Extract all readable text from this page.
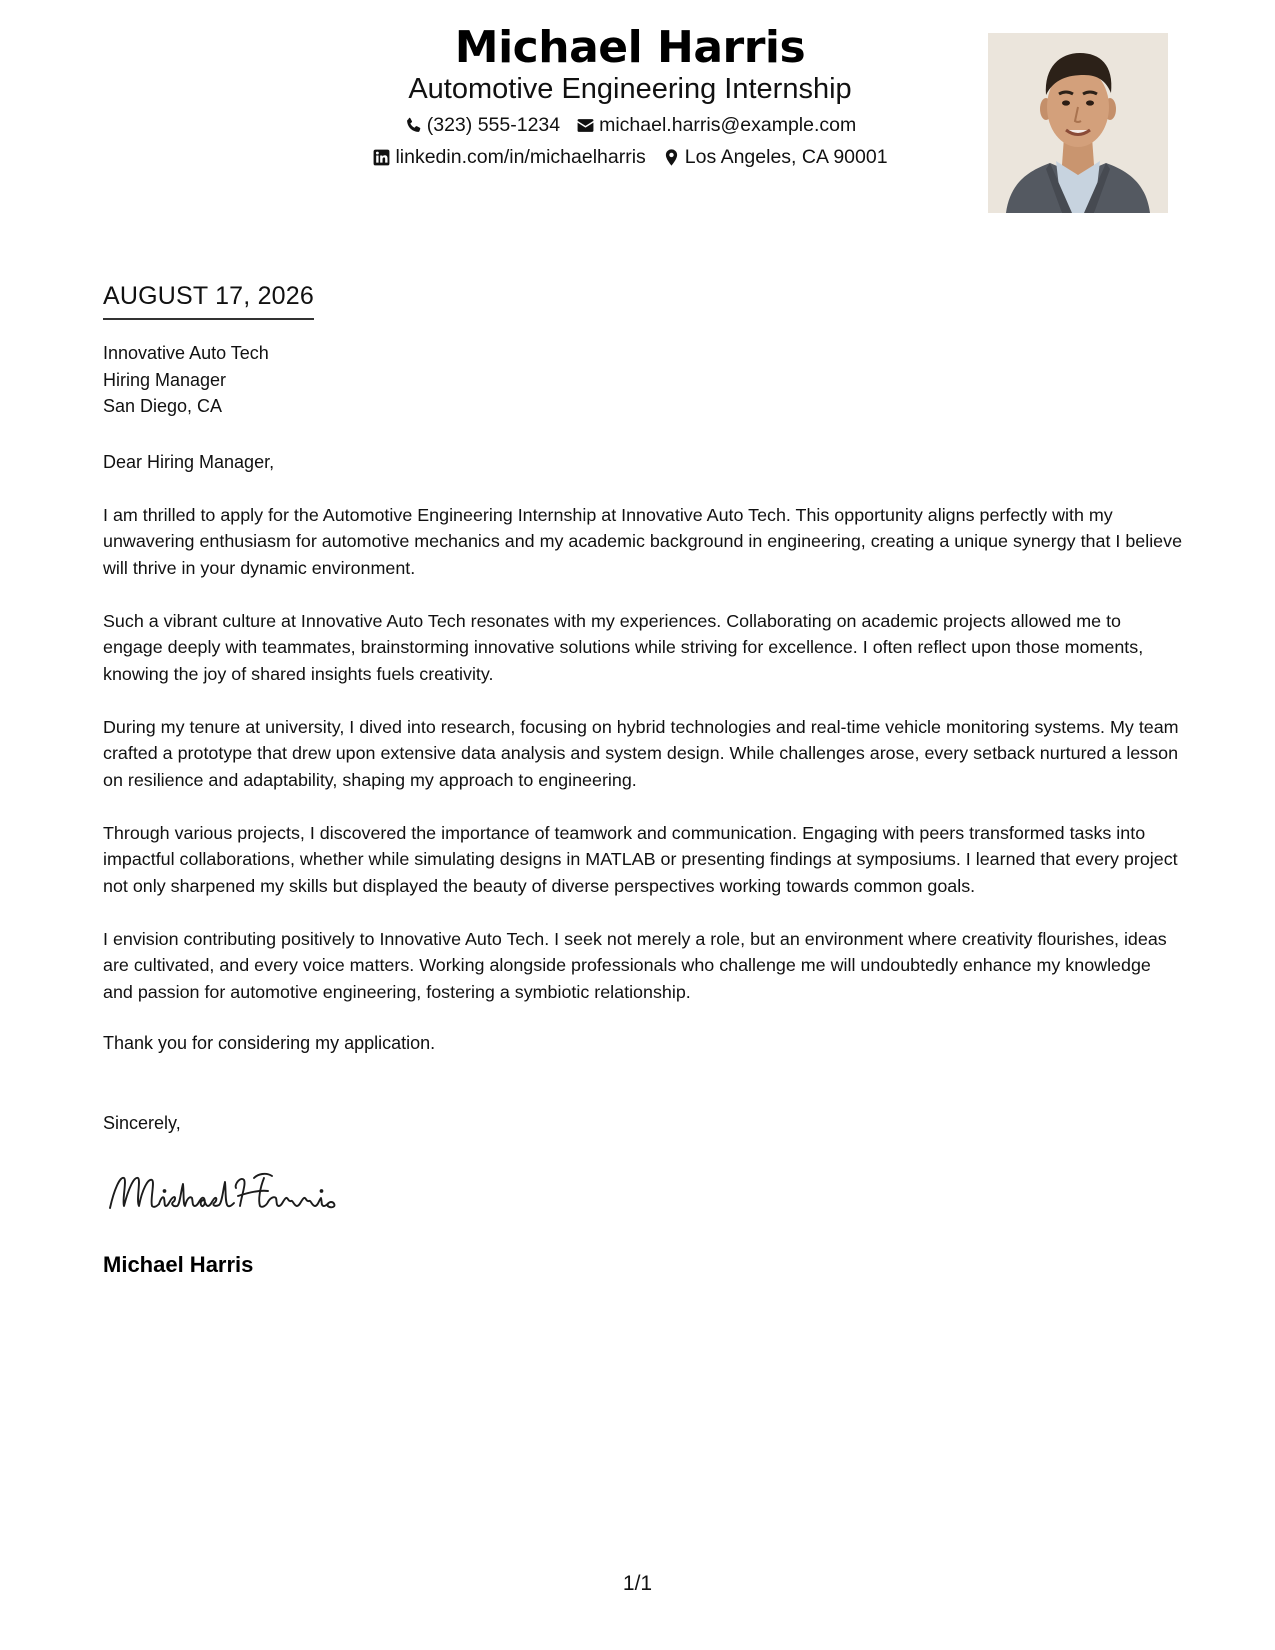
Michael Harris
Automotive Engineering Internship
(323) 555-1234 michael.harris@example.com
linkedin.com/in/michaelharris Los Angeles, CA 90001
AUGUST 17, 2026
Innovative Auto Tech
Hiring Manager
San Diego, CA
Dear Hiring Manager,

I am thrilled to apply for the Automotive Engineering Internship at Innovative Auto Tech. This opportunity aligns perfectly with my unwavering enthusiasm for automotive mechanics and my academic background in engineering, creating a unique synergy that I believe will thrive in your dynamic environment.

Such a vibrant culture at Innovative Auto Tech resonates with my experiences. Collaborating on academic projects allowed me to engage deeply with teammates, brainstorming innovative solutions while striving for excellence. I often reflect upon those moments, knowing the joy of shared insights fuels creativity.

During my tenure at university, I dived into research, focusing on hybrid technologies and real-time vehicle monitoring systems. My team crafted a prototype that drew upon extensive data analysis and system design. While challenges arose, every setback nurtured a lesson on resilience and adaptability, shaping my approach to engineering.

Through various projects, I discovered the importance of teamwork and communication. Engaging with peers transformed tasks into impactful collaborations, whether while simulating designs in MATLAB or presenting findings at symposiums. I learned that every project not only sharpened my skills but displayed the beauty of diverse perspectives working towards common goals.

I envision contributing positively to Innovative Auto Tech. I seek not merely a role, but an environment where creativity flourishes, ideas are cultivated, and every voice matters. Working alongside professionals who challenge me will undoubtedly enhance my knowledge and passion for automotive engineering, fostering a symbiotic relationship.

Thank you for considering my application.
Sincerely,
Michael Harris
1/1
